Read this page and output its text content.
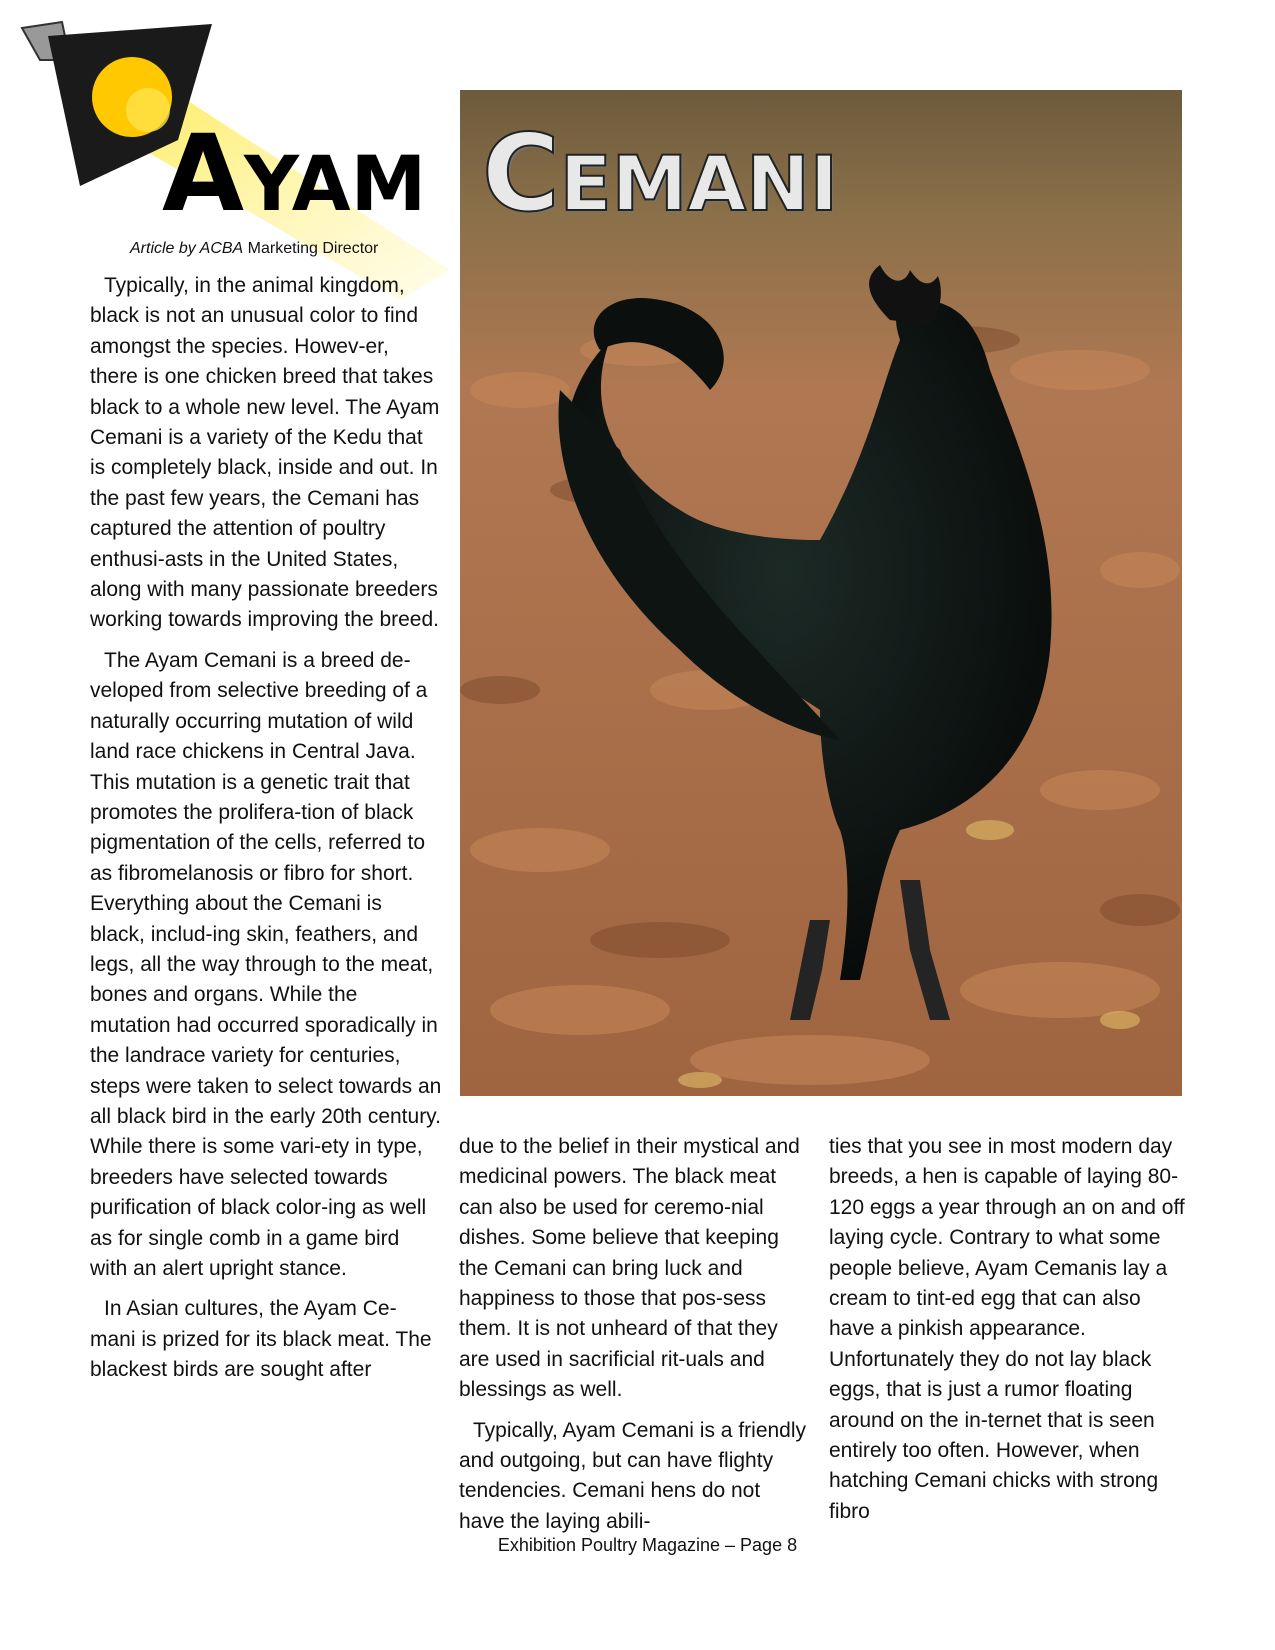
AYAM CEMANI
Article by ACBA Marketing Director

Typically, in the animal kingdom, black is not an unusual color to find amongst the species. Howev-er, there is one chicken breed that takes black to a whole new level. The Ayam Cemani is a variety of the Kedu that is completely black, inside and out. In the past few years, the Cemani has captured the attention of poultry enthusi-asts in the United States, along with many passionate breeders working towards improving the breed.

The Ayam Cemani is a breed de-veloped from selective breeding of a naturally occurring mutation of wild land race chickens in Central Java. This mutation is a genetic trait that promotes the prolifera-tion of black pigmentation of the cells, referred to as fibromelanosis or fibro for short. Everything about the Cemani is black, includ-ing skin, feathers, and legs, all the way through to the meat, bones and organs. While the mutation had occurred sporadically in the landrace variety for centuries, steps were taken to select towards an all black bird in the early 20th century. While there is some vari-ety in type, breeders have selected towards purification of black color-ing as well as for single comb in a game bird with an alert upright stance.

In Asian cultures, the Ayam Ce-mani is prized for its black meat. The blackest birds are sought after

due to the belief in their mystical and medicinal powers. The black meat can also be used for ceremo-nial dishes. Some believe that keeping the Cemani can bring luck and happiness to those that pos-sess them. It is not unheard of that they are used in sacrificial rit-uals and blessings as well.

Typically, Ayam Cemani is a friendly and outgoing, but can have flighty tendencies. Cemani hens do not have the laying abili-

ties that you see in most modern day breeds, a hen is capable of laying 80-120 eggs a year through an on and off laying cycle. Contrary to what some people believe, Ayam Cemanis lay a cream to tint-ed egg that can also have a pinkish appearance. Unfortunately they do not lay black eggs, that is just a rumor floating around on the in-ternet that is seen entirely too often. However, when hatching Cemani chicks with strong fibro

Exhibition Poultry Magazine – Page 8
